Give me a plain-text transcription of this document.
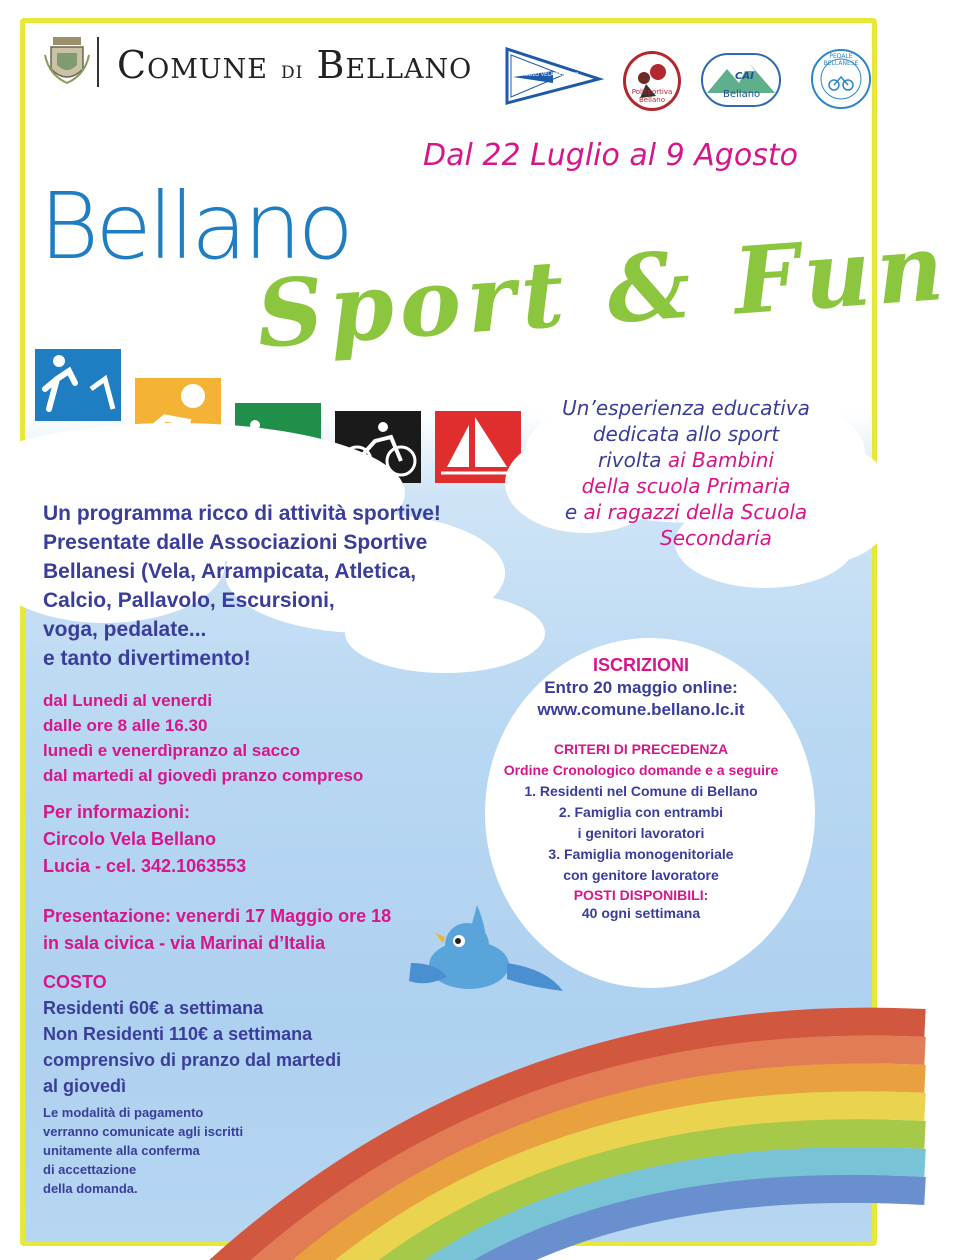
Comune di Bellano	CIRCOLO VELA BELLANO
Polisportiva
Bellano
CAI
Bellano
PEDALE BELLANESE
Dal 22 Luglio al 9 Agosto
Bellano
Sport & Fun
Un’esperienza educativa
dedicata allo sport
rivolta ai Bambini
della scuola Primaria
e ai ragazzi della Scuola
Secondaria
Un programma ricco di attività sportive!
Presentate dalle Associazioni Sportive
Bellanesi (Vela, Arrampicata, Atletica,
Calcio, Pallavolo, Escursioni,
voga, pedalate...
e tanto divertimento!
dal Lunedi al venerdi
dalle ore 8 alle 16.30
lunedì e venerdìpranzo al sacco
dal martedi al giovedì pranzo compreso
Per informazioni:
Circolo Vela Bellano
Lucia - cel. 342.1063553
Presentazione: venerdi 17 Maggio ore 18
in sala civica - via Marinai d’Italia
COSTO
Residenti 60€ a settimana
Non Residenti 110€ a settimana
comprensivo di pranzo dal martedi
al giovedì
Le modalità di pagamento
verranno comunicate agli iscritti
unitamente alla conferma
di accettazione
della domanda.
ISCRIZIONI
Entro 20 maggio online:
www.comune.bellano.lc.it
CRITERI DI PRECEDENZA
Ordine Cronologico domande e a seguire
1. Residenti nel Comune di Bellano
2. Famiglia con entrambi
i genitori lavoratori
3. Famiglia monogenitoriale
con genitore lavoratore
POSTI DISPONIBILI:
40 ogni settimana
